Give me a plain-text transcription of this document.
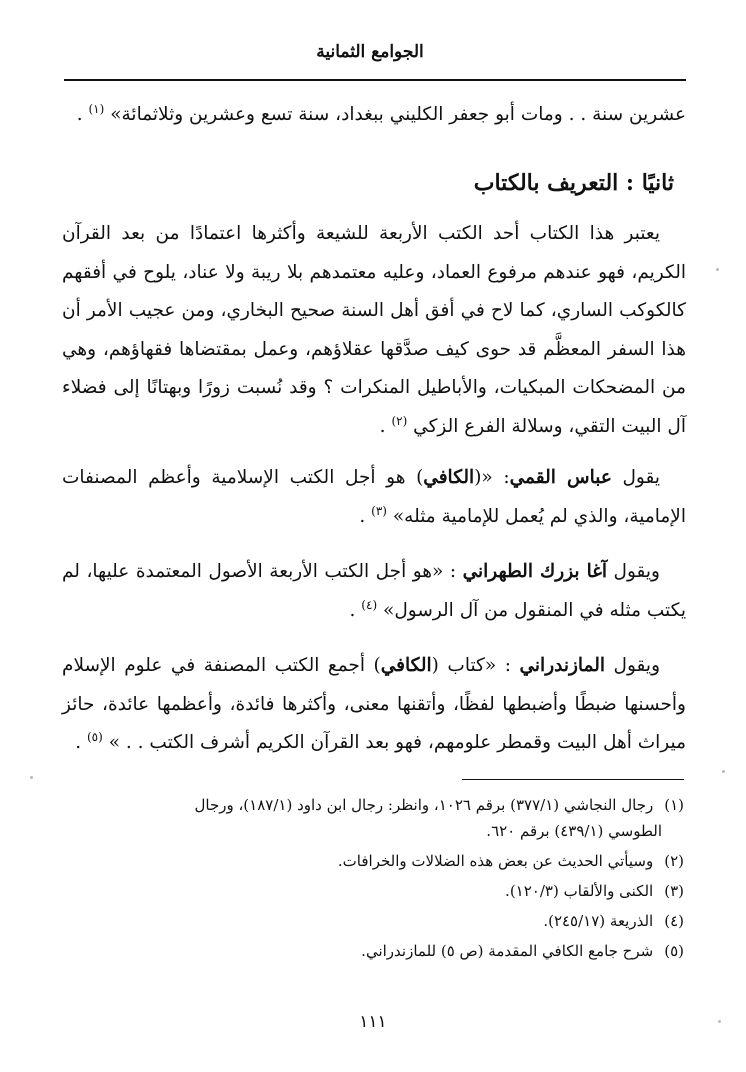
الجوامع الثمانية

عشرين سنة . . ومات أبو جعفر الكليني ببغداد، سنة تسع وعشرين وثلاثمائة» $^{(١)}$ .

ثانيًا : التعريف بالكتاب

يعتبر هذا الكتاب أحد الكتب الأربعة للشيعة وأكثرها اعتمادًا من بعد القرآن الكريم، فهو عندهم مرفوع العماد، وعليه معتمدهم بلا ريبة ولا عناد، يلوح في أفقهم كالكوكب الساري، كما لاح في أفق أهل السنة صحيح البخاري، ومن عجيب الأمر أن هذا السفر المعظَّم قد حوى كيف صدَّقها عقلاؤهم، وعمل بمقتضاها فقهاؤهم، وهي من المضحكات المبكيات، والأباطيل المنكرات ؟ وقد نُسبت زورًا وبهتانًا إلى فضلاء آل البيت التقي، وسلالة الفرع الزكي $^{(٢)}$ .

يقول عباس القمي: «(الكافي) هو أجل الكتب الإسلامية وأعظم المصنفات الإمامية، والذي لم يُعمل للإمامية مثله» $^{(٣)}$ .

ويقول آغا بزرك الطهراني : «هو أجل الكتب الأربعة الأصول المعتمدة عليها، لم يكتب مثله في المنقول من آل الرسول» $^{(٤)}$ .

ويقول المازندراني : «كتاب (الكافي) أجمع الكتب المصنفة في علوم الإسلام وأحسنها ضبطًا وأضبطها لفظًا، وأتقنها معنى، وأكثرها فائدة، وأعظمها عائدة، حائز ميراث أهل البيت وقمطر علومهم، فهو بعد القرآن الكريم أشرف الكتب . . » $^{(٥)}$ .

(١) رجال النجاشي (٣٧٧/١) برقم ١٠٢٦، وانظر: رجال ابن داود (١٨٧/١)، ورجال
الطوسي (٤٣٩/١) برقم ٦٢٠.
(٢) وسيأتي الحديث عن بعض هذه الضلالات والخرافات.
(٣) الكنى والألقاب (١٢٠/٣).
(٤) الذريعة (٢٤٥/١٧).
(٥) شرح جامع الكافي المقدمة (ص ٥) للمازندراني.
١١١
